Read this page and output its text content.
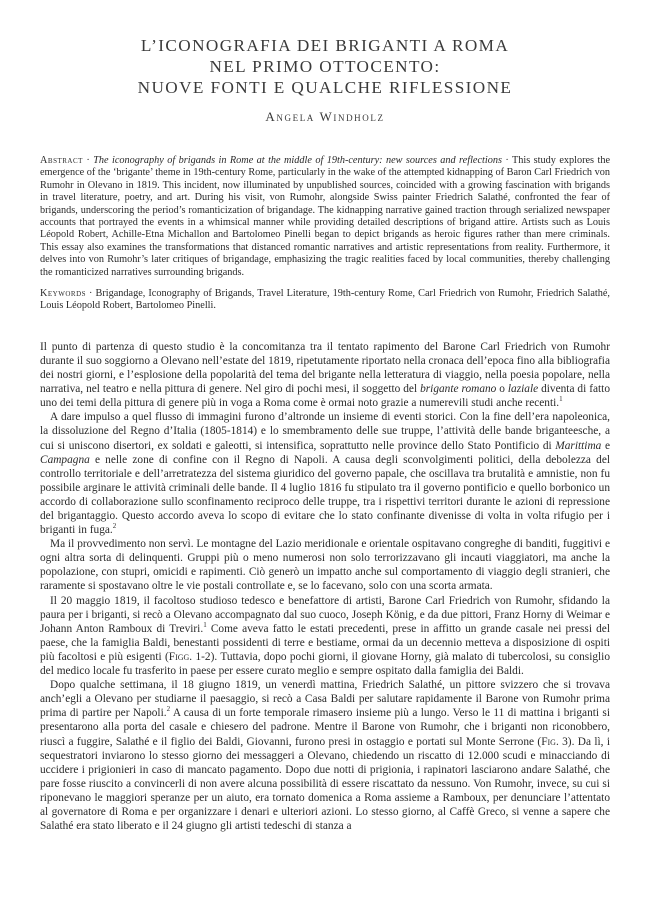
L’ICONOGRAFIA DEI BRIGANTI A ROMA
NEL PRIMO OTTOCENTO:
NUOVE FONTI E QUALCHE RIFLESSIONE
Angela Windholz
Abstract · The iconography of brigands in Rome at the middle of 19th-century: new sources and reflections · This study explores the emergence of the ‘brigante’ theme in 19th-century Rome, particularly in the wake of the attempted kidnapping of Baron Carl Friedrich von Rumohr in Olevano in 1819. This incident, now illuminated by unpublished sources, coincided with a growing fascination with brigands in travel literature, poetry, and art. During his visit, von Rumohr, alongside Swiss painter Friedrich Salathé, confronted the fear of brigands, underscoring the period’s romanticization of brigandage. The kidnapping narrative gained traction through serialized newspaper accounts that portrayed the events in a whimsical manner while providing detailed descriptions of brigand attire. Artists such as Louis Léopold Robert, Achille-Etna Michallon and Bartolomeo Pinelli began to depict brigands as heroic figures rather than mere criminals. This essay also examines the transformations that distanced romantic narratives and artistic representations from reality. Furthermore, it delves into von Rumohr’s later critiques of brigandage, emphasizing the tragic realities faced by local communities, thereby challenging the romanticized narratives surrounding brigands.
Keywords · Brigandage, Iconography of Brigands, Travel Literature, 19th-century Rome, Carl Friedrich von Rumohr, Friedrich Salathé, Louis Léopold Robert, Bartolomeo Pinelli.

Il punto di partenza di questo studio è la concomitanza tra il tentato rapimento del Barone Carl Friedrich von Rumohr durante il suo soggiorno a Olevano nell’estate del 1819, ripetutamente riportato nella cronaca dell’epoca fino alla bibliografia dei nostri giorni, e l’esplosione della popolarità del tema del brigante nella letteratura di viaggio, nella poesia popolare, nella narrativa, nel teatro e nella pittura di genere. Nel giro di pochi mesi, il soggetto del brigante romano o laziale diventa di fatto uno dei temi della pittura di genere più in voga a Roma come è ormai noto grazie a numerevili studi anche recenti.$^1$

A dare impulso a quel flusso di immagini furono d’altronde un insieme di eventi storici. Con la fine dell’era napoleonica, la dissoluzione del Regno d’Italia (1805-1814) e lo smembramento delle sue truppe, l’attività delle bande briganteesche, a cui si uniscono disertori, ex soldati e galeotti, si intensifica, soprattutto nelle province dello Stato Pontificio di Marittima e Campagna e nelle zone di confine con il Regno di Napoli. A causa degli sconvolgimenti politici, della debolezza del controllo territoriale e dell’arretratezza del sistema giuridico del governo papale, che oscillava tra brutalità e amnistie, non fu possibile arginare le attività criminali delle bande. Il 4 luglio 1816 fu stipulato tra il governo pontificio e quello borbonico un accordo di collaborazione sullo sconfinamento reciproco delle truppe, tra i rispettivi territori durante le azioni di repressione del brigantaggio. Questo accordo aveva lo scopo di evitare che lo stato confinante divenisse di volta in volta rifugio per i briganti in fuga.$^2$

Ma il provvedimento non servì. Le montagne del Lazio meridionale e orientale ospitavano congreghe di banditi, fuggitivi e ogni altra sorta di delinquenti. Gruppi più o meno numerosi non solo terrorizzavano gli incauti viaggiatori, ma anche la popolazione, con stupri, omicidi e rapimenti. Ciò generò un impatto anche sul comportamento di viaggio degli stranieri, che raramente si spostavano oltre le vie postali controllate e, se lo facevano, solo con una scorta armata.

Il 20 maggio 1819, il facoltoso studioso tedesco e benefattore di artisti, Barone Carl Friedrich von Rumohr, sfidando la paura per i briganti, si recò a Olevano accompagnato dal suo cuoco, Joseph König, e da due pittori, Franz Horny di Weimar e Johann Anton Ramboux di Treviri.$^1$ Come aveva fatto le estati precedenti, prese in affitto un grande casale nei pressi del paese, che la famiglia Baldi, benestanti possidenti di terre e bestiame, ormai da un decennio metteva a disposizione di ospiti più facoltosi e più esigenti (Figg. 1-2). Tuttavia, dopo pochi giorni, il giovane Horny, già malato di tubercolosi, su consiglio del medico locale fu trasferito in paese per essere curato meglio e sempre ospitato dalla famiglia dei Baldi.

Dopo qualche settimana, il 18 giugno 1819, un venerdì mattina, Friedrich Salathé, un pittore svizzero che si trovava anch’egli a Olevano per studiarne il paesaggio, si recò a Casa Baldi per salutare rapidamente il Barone von Rumohr prima prima di partire per Napoli.$^2$ A causa di un forte temporale rimasero insieme più a lungo. Verso le 11 di mattina i briganti si presentarono alla porta del casale e chiesero del padrone. Mentre il Barone von Rumohr, che i briganti non riconobbero, riuscì a fuggire, Salathé e il figlio dei Baldi, Giovanni, furono presi in ostaggio e portati sul Monte Serrone (Fig. 3). Da lì, i sequestratori inviarono lo stesso giorno dei messaggeri a Olevano, chiedendo un riscatto di 12.000 scudi e minacciando di uccidere i prigionieri in caso di mancato pagamento. Dopo due notti di prigionia, i rapinatori lasciarono andare Salathé, che pare fosse riuscito a convincerli di non avere alcuna possibilità di essere riscattato da nessuno. Von Rumohr, invece, su cui si riponevano le maggiori speranze per un aiuto, era tornato domenica a Roma assieme a Ramboux, per denunciare l’attentato al governatore di Roma e per organizzare i denari e ulteriori azioni. Lo stesso giorno, al Caffè Greco, si venne a sapere che Salathé era stato liberato e il 24 giugno gli artisti tedeschi di stanza a
